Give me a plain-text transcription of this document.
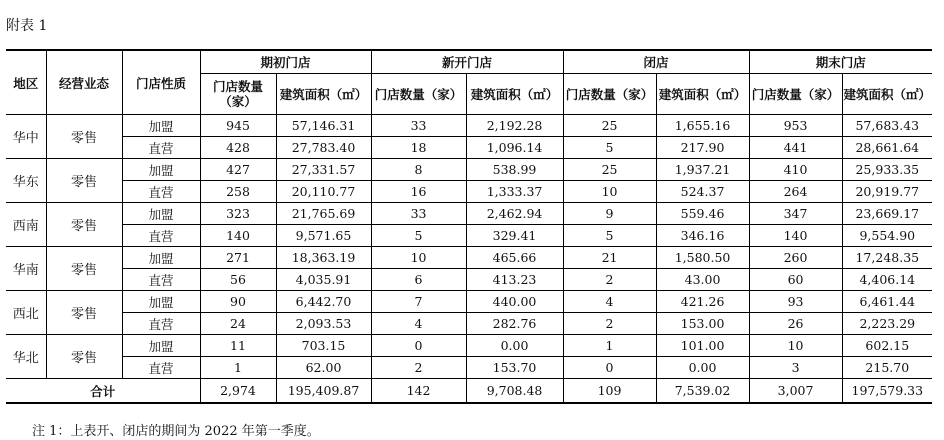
附表 1
地区	经营业态	门店性质	期初门店		新开门店		闭店		期末门店	
			门店数量（家）	建筑面积（㎡）	门店数量（家）	建筑面积（㎡）	门店数量（家）	建筑面积（㎡）	门店数量（家）	建筑面积（㎡）
华中	零售	加盟	945	57,146.31	33	2,192.28	25	1,655.16	953	57,683.43
		直营	428	27,783.40	18	1,096.14	5	217.90	441	28,661.64
华东	零售	加盟	427	27,331.57	8	538.99	25	1,937.21	410	25,933.35
		直营	258	20,110.77	16	1,333.37	10	524.37	264	20,919.77
西南	零售	加盟	323	21,765.69	33	2,462.94	9	559.46	347	23,669.17
		直营	140	9,571.65	5	329.41	5	346.16	140	9,554.90
华南	零售	加盟	271	18,363.19	10	465.66	21	1,580.50	260	17,248.35
		直营	56	4,035.91	6	413.23	2	43.00	60	4,406.14
西北	零售	加盟	90	6,442.70	7	440.00	4	421.26	93	6,461.44
		直营	24	2,093.53	4	282.76	2	153.00	26	2,223.29
华北	零售	加盟	11	703.15	0	0.00	1	101.00	10	602.15
		直营	1	62.00	2	153.70	0	0.00	3	215.70
合计			2,974	195,409.87	142	9,708.48	109	7,539.02	3,007	197,579.33
注 1：上表开、闭店的期间为 2022 年第一季度。
